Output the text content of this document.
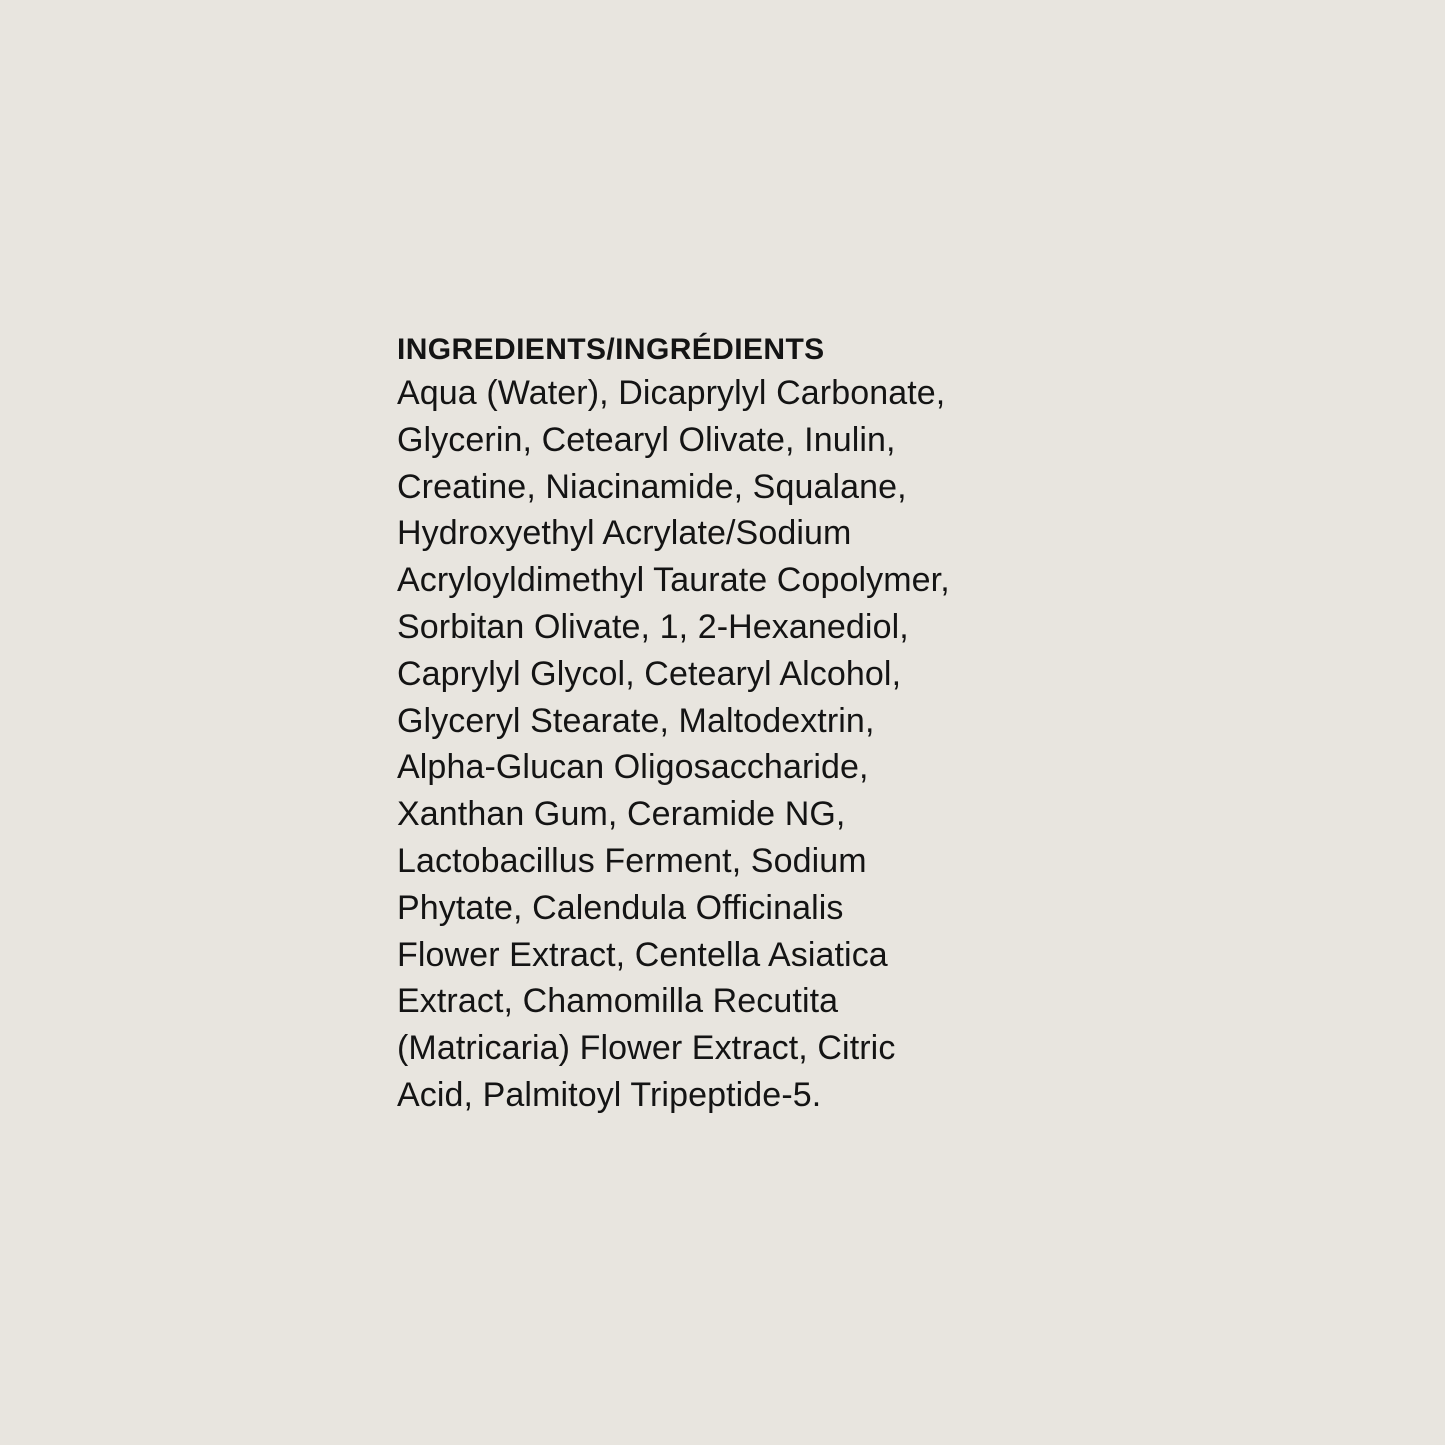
INGREDIENTS/INGRÉDIENTS
Aqua (Water), Dicaprylyl Carbonate,
Glycerin, Cetearyl Olivate, Inulin,
Creatine, Niacinamide, Squalane,
Hydroxyethyl Acrylate/Sodium
Acryloyldimethyl Taurate Copolymer,
Sorbitan Olivate, 1, 2-Hexanediol,
Caprylyl Glycol, Cetearyl Alcohol,
Glyceryl Stearate, Maltodextrin,
Alpha-Glucan Oligosaccharide,
Xanthan Gum, Ceramide NG,
Lactobacillus Ferment, Sodium
Phytate, Calendula Officinalis
Flower Extract, Centella Asiatica
Extract, Chamomilla Recutita
(Matricaria) Flower Extract, Citric
Acid, Palmitoyl Tripeptide-5.
